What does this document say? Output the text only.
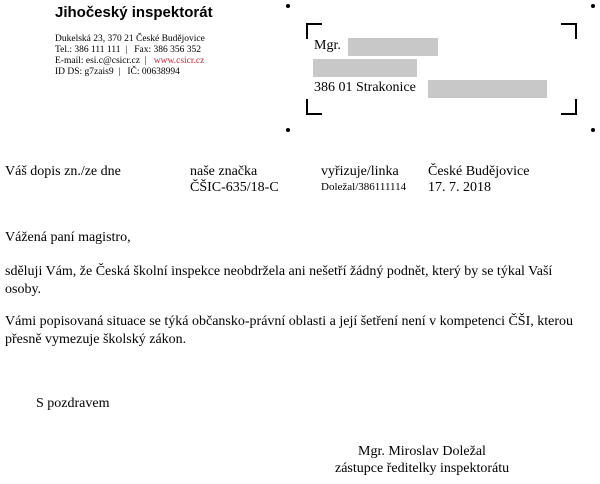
Jihočeský inspektorát
Dukelská 23, 370 21 České Budějovice
Tel.: 386 111 111  |   Fax: 386 356 352
E-mail: esi.c@csicr.cz  |   www.csicr.cz
ID DS: g7zais9  |   IČ: 00638994
Mgr.
386 01 Strakonice
Váš dopis zn./ze dne	naše značka
ČŠIC-635/18-C
vyřizuje/linka
Doležal/386111114
České Budějovice
17. 7. 2018
Vážená paní magistro,
sděluji Vám, že Česká školní inspekce neobdržela ani nešetří žádný podnět, který by se týkal Vaší osoby.
Vámi popisovaná situace se týká občansko-právní oblasti a její šetření není v kompetenci ČŠI, kterou přesně vymezuje školský zákon.
S pozdravem
Mgr. Miroslav Doležal
zástupce ředitelky inspektorátu
